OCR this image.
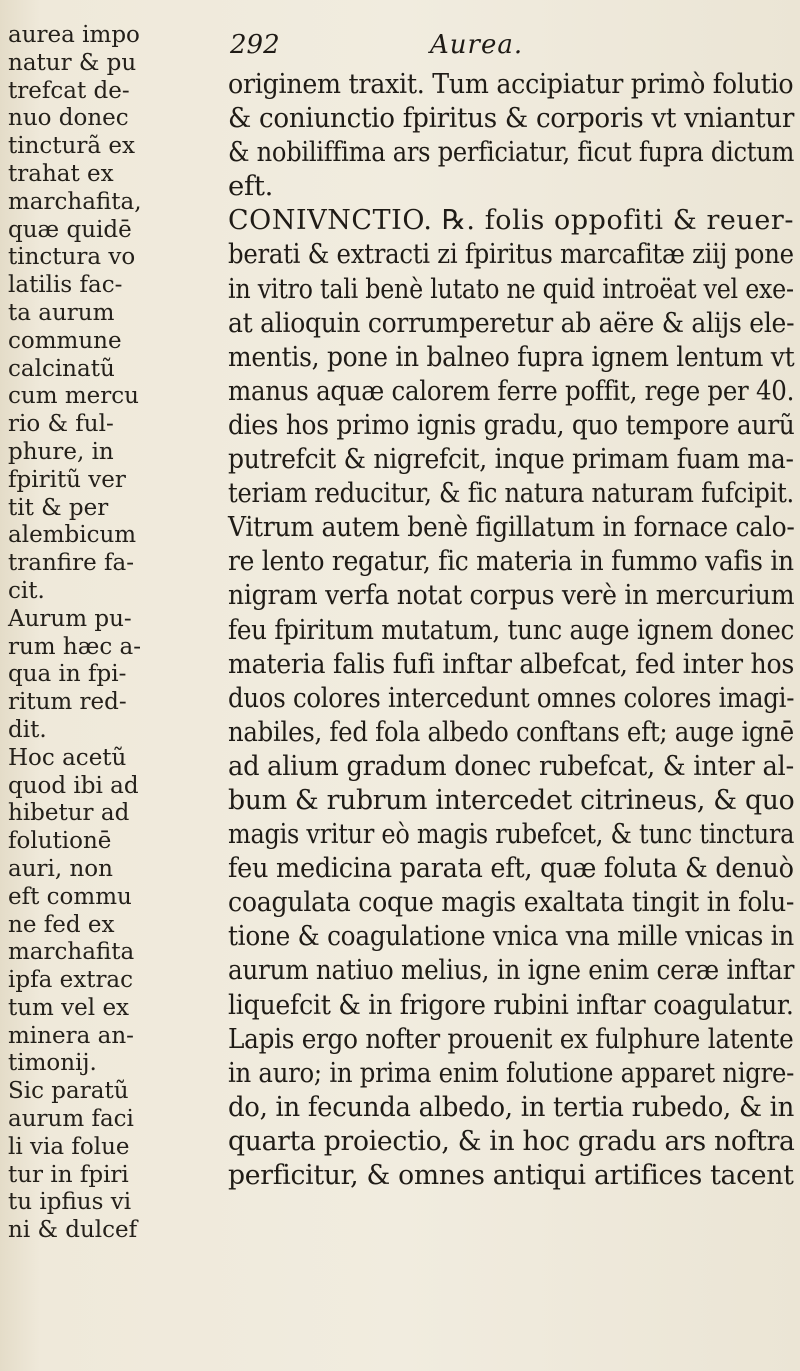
292	Aurea.
aurea impo
natur & pu
trefcat de-
nuo donec
tincturã ex
trahat ex
marchafita,
quæ quidē
tinctura vo
latilis fac-
ta aurum
commune
calcinatũ
cum mercu
rio & ful-
phure, in
fpiritũ ver
tit & per
alembicum
tranfire fa-
cit.
Aurum pu-
rum hæc a-
qua in fpi-
ritum red-
dit.
Hoc acetũ
quod ibi ad
hibetur ad
folutionē
auri, non
eft commu
ne fed ex
marchafita
ipfa extrac
tum vel ex
minera an-
timonij.
Sic paratũ
aurum faci
li via folue
tur in fpiri
tu ipfius vi
ni & dulcef
originem traxit. Tum accipiatur primò folutio
& coniunctio fpiritus & corporis vt vniantur
& nobiliffima ars perficiatur, ficut fupra dictum
eft.
CONIVNCTIO. ℞. folis oppofiti & reuer-
berati & extracti zi fpiritus marcafitæ ziij pone
in vitro tali benè lutato ne quid introëat vel exe-
at alioquin corrumperetur ab aëre & alijs ele-
mentis, pone in balneo fupra ignem lentum vt
manus aquæ calorem ferre poffit, rege per 40.
dies hos primo ignis gradu, quo tempore aurũ
putrefcit & nigrefcit, inque primam fuam ma-
teriam reducitur, & fic natura naturam fufcipit.
Vitrum autem benè figillatum in fornace calo-
re lento regatur, fic materia in fummo vafis in
nigram verfa notat corpus verè in mercurium
feu fpiritum mutatum, tunc auge ignem donec
materia falis fufi inftar albefcat, fed inter hos
duos colores intercedunt omnes colores imagi-
nabiles, fed fola albedo conftans eft; auge ignē
ad alium gradum donec rubefcat, & inter al-
bum & rubrum intercedet citrineus, & quo
magis vritur eò magis rubefcet, & tunc tinctura
feu medicina parata eft, quæ foluta & denuò
coagulata coque magis exaltata tingit in folu-
tione & coagulatione vnica vna mille vnicas in
aurum natiuo melius, in igne enim ceræ inftar
liquefcit & in frigore rubini inftar coagulatur.
Lapis ergo nofter prouenit ex fulphure latente
in auro; in prima enim folutione apparet nigre-
do, in fecunda albedo, in tertia rubedo, & in
quarta proiectio, & in hoc gradu ars noftra
perficitur, & omnes antiqui artifices tacent
